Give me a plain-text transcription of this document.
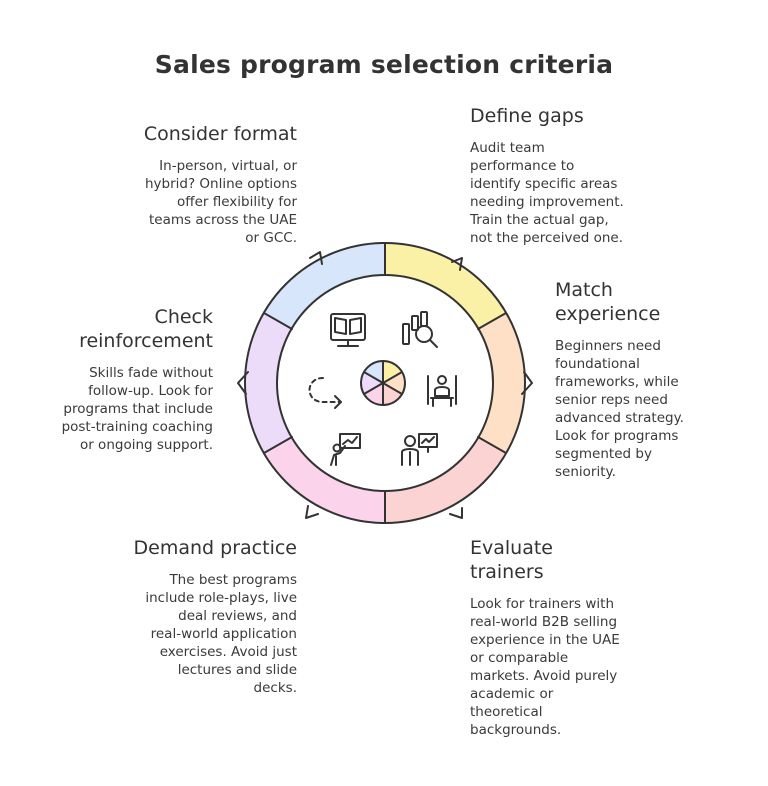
Sales program selection criteria
Define gaps
Audit team
performance to
identify specific areas
needing improvement.
Train the actual gap,
not the perceived one.
Match
experience
Beginners need
foundational
frameworks, while
senior reps need
advanced strategy.
Look for programs
segmented by
seniority.
Evaluate
trainers
Look for trainers with
real-world B2B selling
experience in the UAE
or comparable
markets. Avoid purely
academic or
theoretical
backgrounds.
Demand practice
The best programs
include role-plays, live
deal reviews, and
real-world application
exercises. Avoid just
lectures and slide
decks.
Check
reinforcement
Skills fade without
follow-up. Look for
programs that include
post-training coaching
or ongoing support.
Consider format
In-person, virtual, or
hybrid? Online options
offer flexibility for
teams across the UAE
or GCC.
